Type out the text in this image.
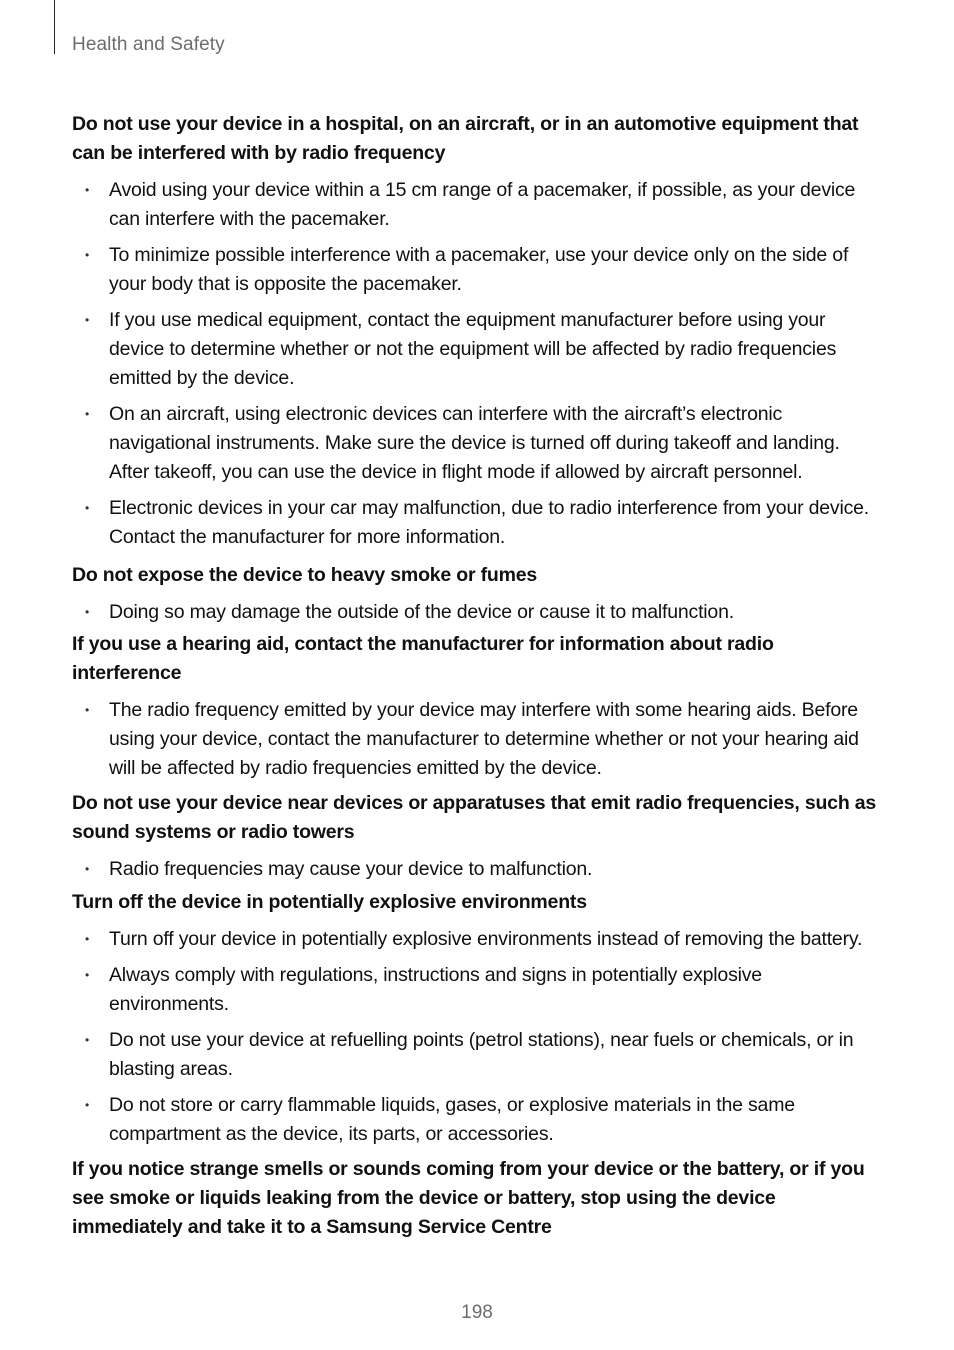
Health and Safety

Do not use your device in a hospital, on an aircraft, or in an automotive equipment that can be interfered with by radio frequency

• Avoid using your device within a 15 cm range of a pacemaker, if possible, as your device can interfere with the pacemaker.
• To minimize possible interference with a pacemaker, use your device only on the side of your body that is opposite the pacemaker.
• If you use medical equipment, contact the equipment manufacturer before using your device to determine whether or not the equipment will be affected by radio frequencies emitted by the device.
• On an aircraft, using electronic devices can interfere with the aircraft’s electronic navigational instruments. Make sure the device is turned off during takeoff and landing. After takeoff, you can use the device in flight mode if allowed by aircraft personnel.
• Electronic devices in your car may malfunction, due to radio interference from your device. Contact the manufacturer for more information.

Do not expose the device to heavy smoke or fumes

• Doing so may damage the outside of the device or cause it to malfunction.

If you use a hearing aid, contact the manufacturer for information about radio interference

• The radio frequency emitted by your device may interfere with some hearing aids. Before using your device, contact the manufacturer to determine whether or not your hearing aid will be affected by radio frequencies emitted by the device.

Do not use your device near devices or apparatuses that emit radio frequencies, such as sound systems or radio towers

• Radio frequencies may cause your device to malfunction.

Turn off the device in potentially explosive environments

• Turn off your device in potentially explosive environments instead of removing the battery.
• Always comply with regulations, instructions and signs in potentially explosive environments.
• Do not use your device at refuelling points (petrol stations), near fuels or chemicals, or in blasting areas.
• Do not store or carry flammable liquids, gases, or explosive materials in the same compartment as the device, its parts, or accessories.

If you notice strange smells or sounds coming from your device or the battery, or if you see smoke or liquids leaking from the device or battery, stop using the device immediately and take it to a Samsung Service Centre

198
